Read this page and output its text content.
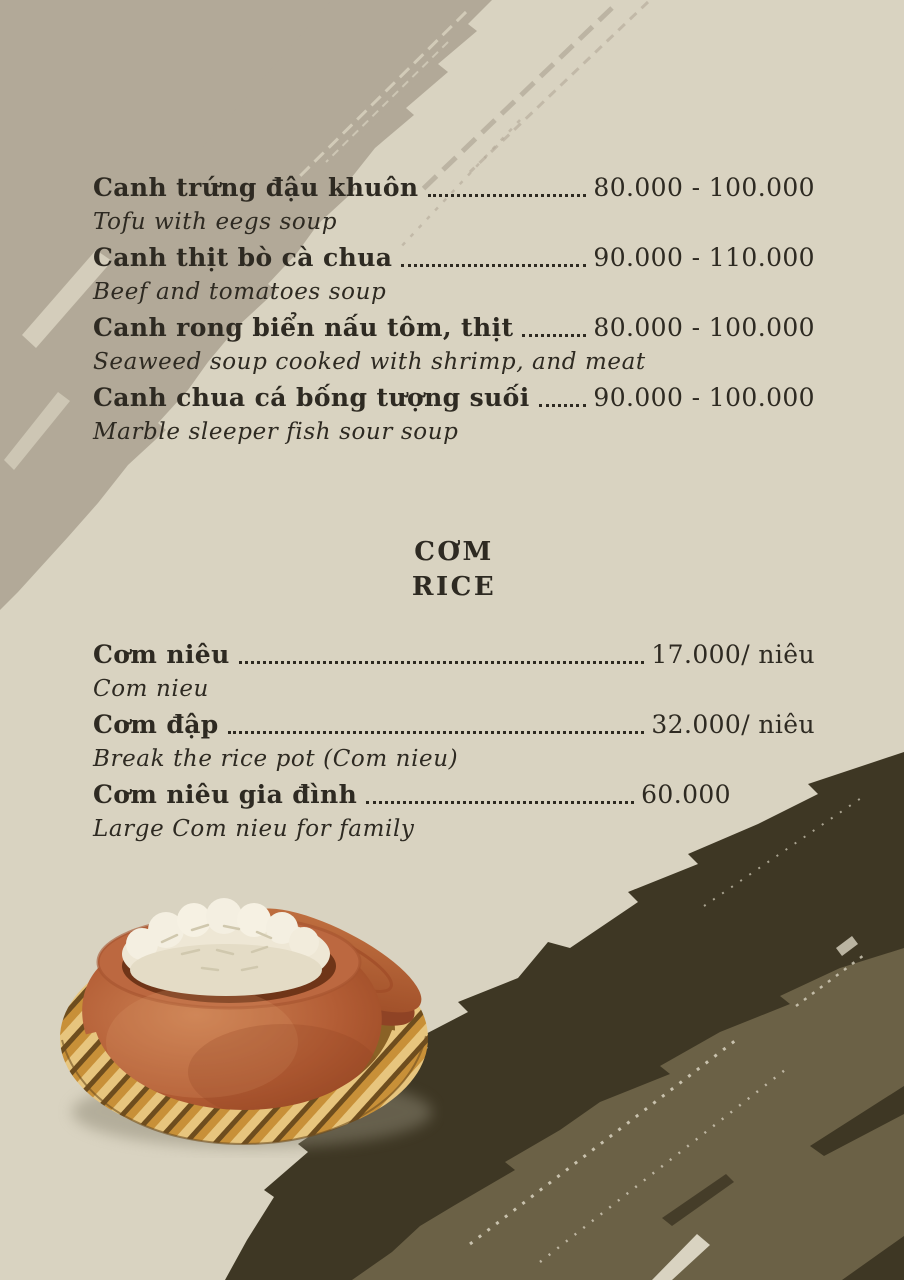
Canh trứng đậu khuôn	80.000 - 100.000
Tofu with eegs soup
Canh thịt bò cà chua	90.000 - 110.000
Beef and tomatoes soup
Canh rong biển nấu tôm, thịt	80.000 - 100.000
Seaweed soup cooked with shrimp, and meat
Canh chua cá bống tượng suối	90.000 - 100.000
Marble sleeper fish sour soup
CƠM
RICE
Cơm niêu	17.000/ niêu
Com nieu
Cơm đập	32.000/ niêu
Break the rice pot (Com nieu)
Cơm niêu gia đình	60.000
Large Com nieu for family
